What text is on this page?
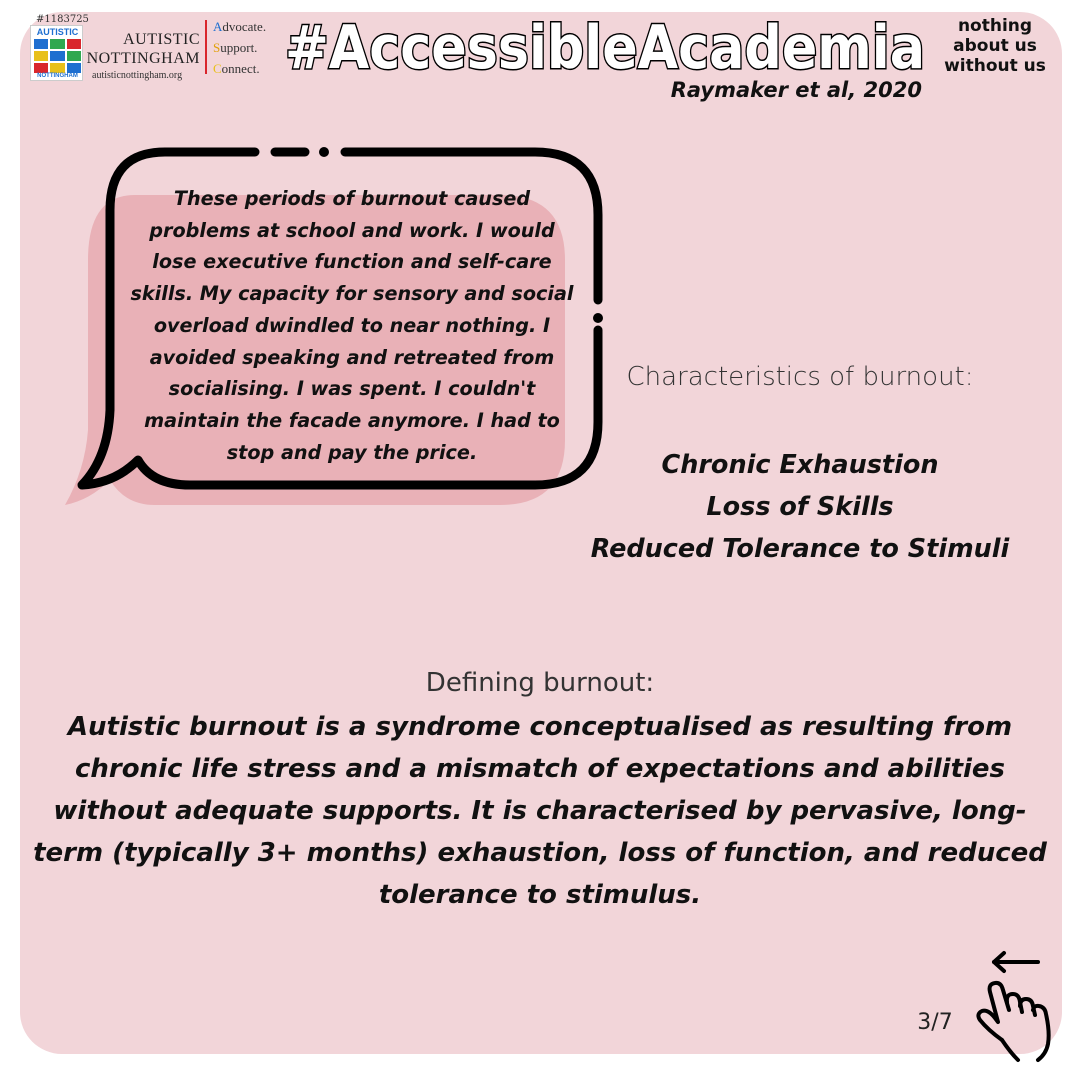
#1183725
AUTISTIC
NOTTINGHAM
AUTISTIC
NOTTINGHAM
autisticnottingham.org
Advocate.
Support.
Connect. #AccessibleAcademia
Raymaker et al, 2020
nothing
about us
without us
These periods of burnout caused problems at school and work. I would lose executive function and self-care skills. My capacity for sensory and social overload dwindled to near nothing. I avoided speaking and retreated from socialising. I was spent. I couldn't maintain the facade anymore. I had to stop and pay the price.
Characteristics of burnout:
Chronic Exhaustion
Loss of Skills
Reduced Tolerance to Stimuli
Defining burnout:
Autistic burnout is a syndrome conceptualised as resulting from chronic life stress and a mismatch of expectations and abilities without adequate supports. It is characterised by pervasive, long-term (typically 3+ months) exhaustion, loss of function, and reduced tolerance to stimulus.
3/7
